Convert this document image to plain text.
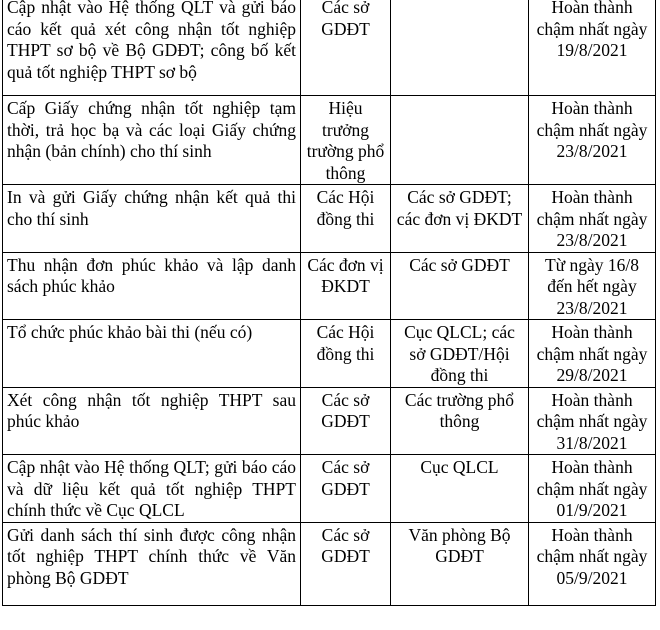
Cập nhật vào Hệ thống QLT và gửi báo cáo kết quả xét công nhận tốt nghiệp THPT sơ bộ về Bộ GDĐT; công bố kết quả tốt nghiệp THPT sơ bộ	Các sở GDĐT		Hoàn thành chậm nhất ngày 19/8/2021
Cấp Giấy chứng nhận tốt nghiệp tạm thời, trả học bạ và các loại Giấy chứng nhận (bản chính) cho thí sinh	Hiệu trưởng trường phổ thông		Hoàn thành chậm nhất ngày 23/8/2021
In và gửi Giấy chứng nhận kết quả thi cho thí sinh	Các Hội đồng thi	Các sở GDĐT; các đơn vị ĐKDT	Hoàn thành chậm nhất ngày 23/8/2021
Thu nhận đơn phúc khảo và lập danh sách phúc khảo	Các đơn vị ĐKDT	Các sở GDĐT	Từ ngày 16/8 đến hết ngày 23/8/2021
Tổ chức phúc khảo bài thi (nếu có)	Các Hội đồng thi	Cục QLCL; các sở GDĐT/Hội đồng thi	Hoàn thành chậm nhất ngày 29/8/2021
Xét công nhận tốt nghiệp THPT sau phúc khảo	Các sở GDĐT	Các trường phổ thông	Hoàn thành chậm nhất ngày 31/8/2021
Cập nhật vào Hệ thống QLT; gửi báo cáo và dữ liệu kết quả tốt nghiệp THPT chính thức về Cục QLCL	Các sở GDĐT	Cục QLCL	Hoàn thành chậm nhất ngày 01/9/2021
Gửi danh sách thí sinh được công nhận tốt nghiệp THPT chính thức về Văn phòng Bộ GDĐT	Các sở GDĐT	Văn phòng Bộ GDĐT	Hoàn thành chậm nhất ngày 05/9/2021
